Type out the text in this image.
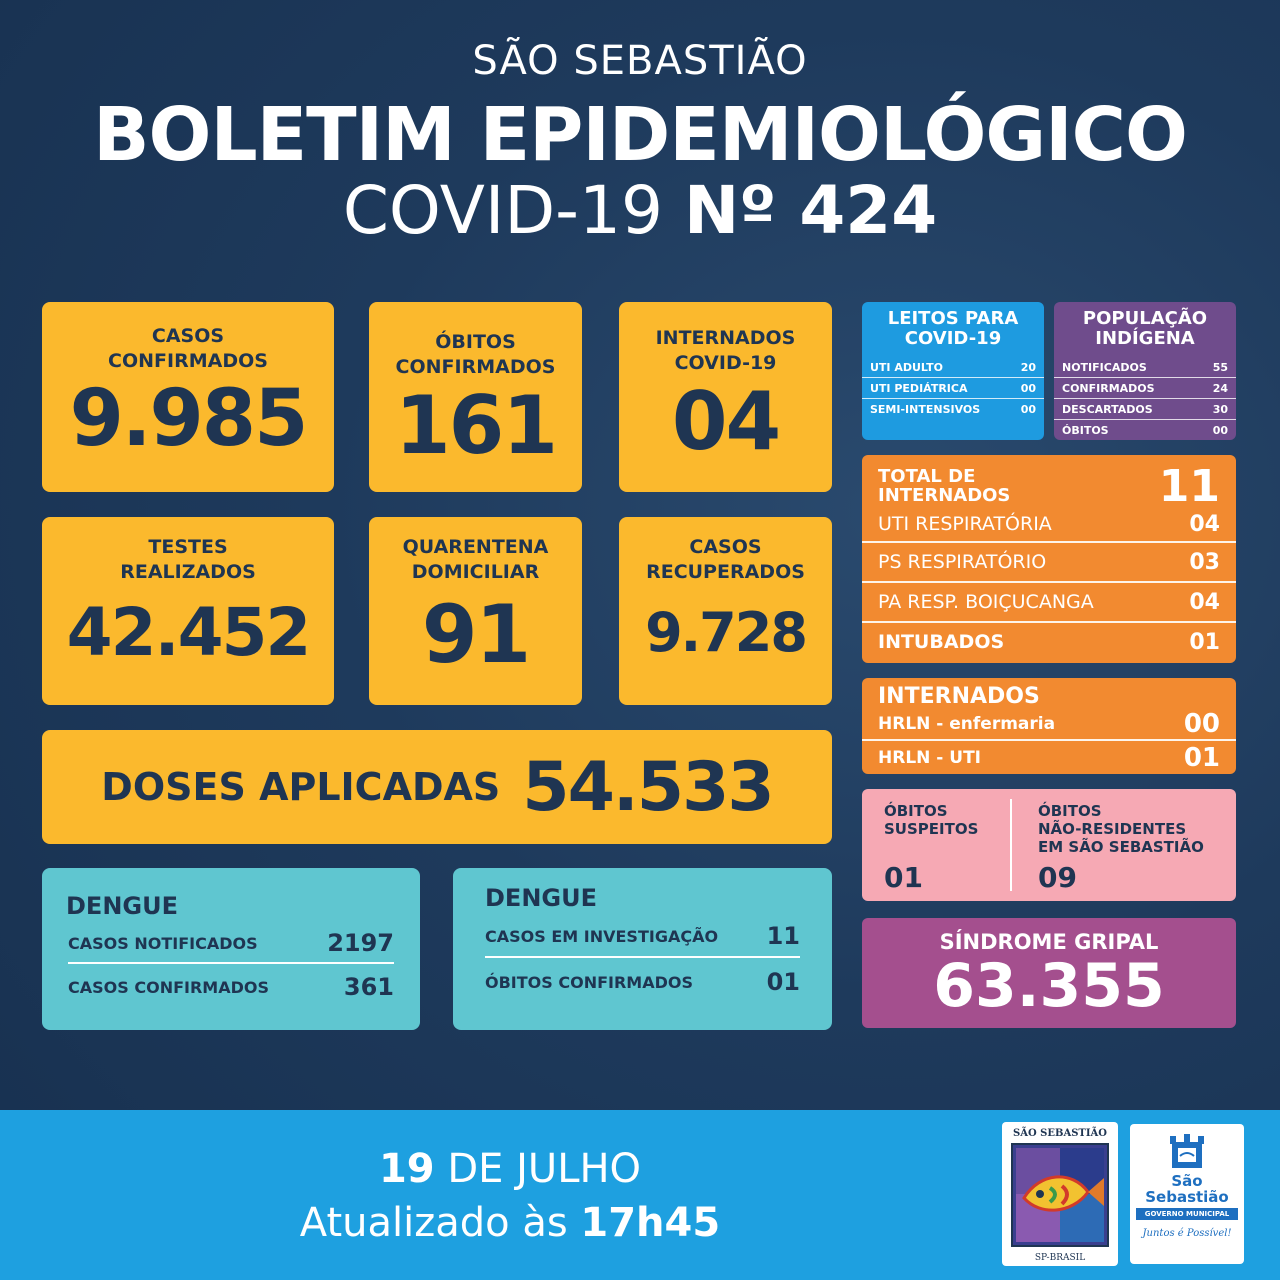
SÃO SEBASTIÃO
BOLETIM EPIDEMIOLÓGICO
COVID-19 Nº 424
CASOS
CONFIRMADOS
9.985
ÓBITOS
CONFIRMADOS
161
INTERNADOS
COVID-19
04
TESTES
REALIZADOS
42.452
QUARENTENA
DOMICILIAR
91
CASOS
RECUPERADOS
9.728
DOSES APLICADAS 54.533
LEITOS PARA
COVID-19
UTI ADULTO	20
UTI PEDIÁTRICA	00
SEMI-INTENSIVOS	00
POPULAÇÃO
INDÍGENA
NOTIFICADOS	55
CONFIRMADOS	24
DESCARTADOS	30
ÓBITOS	00
TOTAL DE
INTERNADOS	11
UTI RESPIRATÓRIA	04
PS RESPIRATÓRIO	03
PA RESP. BOIÇUCANGA	04
INTUBADOS	01
INTERNADOS
HRLN - enfermaria	00
HRLN - UTI	01
ÓBITOS
SUSPEITOS
01
ÓBITOS
NÃO-RESIDENTES
EM SÃO SEBASTIÃO
09
SÍNDROME GRIPAL
63.355
DENGUE
CASOS NOTIFICADOS	2197
CASOS CONFIRMADOS	361
DENGUE
CASOS EM INVESTIGAÇÃO 11
ÓBITOS CONFIRMADOS	01
19 DE JULHO
Atualizado às 17h45
SÃO SEBASTIÃO
SP-BRASIL
São
Sebastião
GOVERNO MUNICIPAL
Juntos é Possível!
